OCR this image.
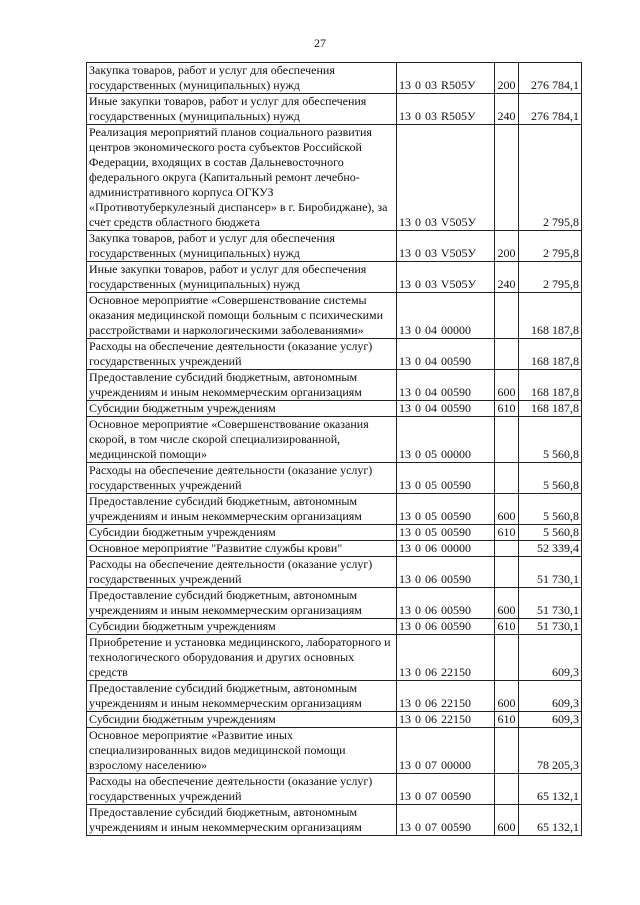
27
Закупка товаров, работ и услуг для обеспечения государственных (муниципальных) нужд	13 0 03 R505У	200	276 784,1
Иные закупки товаров, работ и услуг для обеспечения государственных (муниципальных) нужд	13 0 03 R505У	240	276 784,1
Реализация мероприятий планов социального развития центров экономического роста субъектов Российской Федерации, входящих в состав Дальневосточного федерального округа (Капитальный ремонт лечебно-административного корпуса ОГКУЗ «Противотуберкулезный диспансер» в г. Биробиджане), за счет средств областного бюджета	13 0 03 V505У		2 795,8
Закупка товаров, работ и услуг для обеспечения государственных (муниципальных) нужд	13 0 03 V505У	200	2 795,8
Иные закупки товаров, работ и услуг для обеспечения государственных (муниципальных) нужд	13 0 03 V505У	240	2 795,8
Основное мероприятие «Совершенствование системы оказания медицинской помощи больным с психическими расстройствами и наркологическими заболеваниями»	13 0 04 00000		168 187,8
Расходы на обеспечение деятельности (оказание услуг) государственных учреждений	13 0 04 00590		168 187,8
Предоставление субсидий бюджетным, автономным учреждениям и иным некоммерческим организациям	13 0 04 00590	600	168 187,8
Субсидии бюджетным учреждениям	13 0 04 00590	610	168 187,8
Основное мероприятие «Совершенствование оказания скорой, в том числе скорой специализированной, медицинской помощи»	13 0 05 00000		5 560,8
Расходы на обеспечение деятельности (оказание услуг) государственных учреждений	13 0 05 00590		5 560,8
Предоставление субсидий бюджетным, автономным учреждениям и иным некоммерческим организациям	13 0 05 00590	600	5 560,8
Субсидии бюджетным учреждениям	13 0 05 00590	610	5 560,8
Основное мероприятие "Развитие службы крови"	13 0 06 00000		52 339,4
Расходы на обеспечение деятельности (оказание услуг) государственных учреждений	13 0 06 00590		51 730,1
Предоставление субсидий бюджетным, автономным учреждениям и иным некоммерческим организациям	13 0 06 00590	600	51 730,1
Субсидии бюджетным учреждениям	13 0 06 00590	610	51 730,1
Приобретение и установка медицинского, лабораторного и технологического оборудования и других основных средств	13 0 06 22150		609,3
Предоставление субсидий бюджетным, автономным учреждениям и иным некоммерческим организациям	13 0 06 22150	600	609,3
Субсидии бюджетным учреждениям	13 0 06 22150	610	609,3
Основное мероприятие «Развитие иных специализированных видов медицинской помощи взрослому населению»	13 0 07 00000		78 205,3
Расходы на обеспечение деятельности (оказание услуг) государственных учреждений	13 0 07 00590		65 132,1
Предоставление субсидий бюджетным, автономным учреждениям и иным некоммерческим организациям	13 0 07 00590	600	65 132,1
